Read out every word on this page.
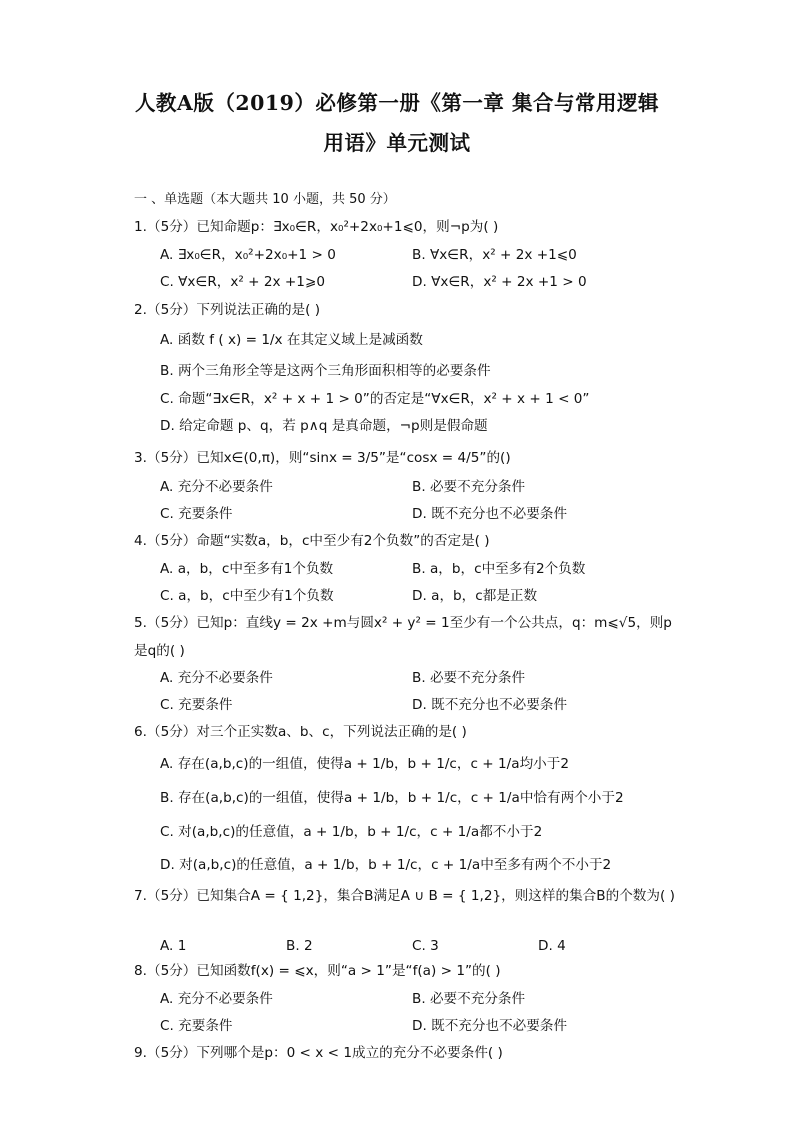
人教A版（2019）必修第一册《第一章 集合与常用逻辑
用语》单元测试
一 、单选题（本大题共 10 小题，共 50 分）
1.（5分）已知命题p：∃x₀∈R，x₀²+2x₀+1⩽0，则¬p为( )
A. ∃x₀∈R，x₀²+2x₀+1 > 0	B. ∀x∈R，x² + 2x +1⩽0
C. ∀x∈R，x² + 2x +1⩾0	D. ∀x∈R，x² + 2x +1 > 0
2.（5分）下列说法正确的是( )
A. 函数 f ( x) = 1/x 在其定义域上是减函数
B. 两个三角形全等是这两个三角形面积相等的必要条件
C. 命题“∃x∈R，x² + x + 1 > 0”的否定是“∀x∈R，x² + x + 1 < 0”
D. 给定命题 p、q，若 p∧q 是真命题，¬p则是假命题
3.（5分）已知x∈(0,π)，则“sinx = 3/5”是“cosx = 4/5”的()
A. 充分不必要条件	B. 必要不充分条件
C. 充要条件	D. 既不充分也不必要条件
4.（5分）命题“实数a，b，c中至少有2个负数”的否定是( )
A. a，b，c中至多有1个负数	B. a，b，c中至多有2个负数
C. a，b，c中至少有1个负数	D. a，b，c都是正数
5.（5分）已知p：直线y = 2x +m与圆x² + y² = 1至少有一个公共点，q：m⩽√5，则p
是q的( )
A. 充分不必要条件	B. 必要不充分条件
C. 充要条件	D. 既不充分也不必要条件
6.（5分）对三个正实数a、b、c，下列说法正确的是( )
A. 存在(a,b,c)的一组值，使得a + 1/b，b + 1/c，c + 1/a均小于2
B. 存在(a,b,c)的一组值，使得a + 1/b，b + 1/c，c + 1/a中恰有两个小于2
C. 对(a,b,c)的任意值，a + 1/b，b + 1/c，c + 1/a都不小于2
D. 对(a,b,c)的任意值，a + 1/b，b + 1/c，c + 1/a中至多有两个不小于2
7.（5分）已知集合A = { 1,2}，集合B满足A ∪ B = { 1,2}，则这样的集合B的个数为( )
A. 1	B. 2	C. 3	D. 4
8.（5分）已知函数f(x) = ⩽x，则“a > 1”是“f(a) > 1”的( )
A. 充分不必要条件	B. 必要不充分条件
C. 充要条件	D. 既不充分也不必要条件
9.（5分）下列哪个是p：0 < x < 1成立的充分不必要条件( )
